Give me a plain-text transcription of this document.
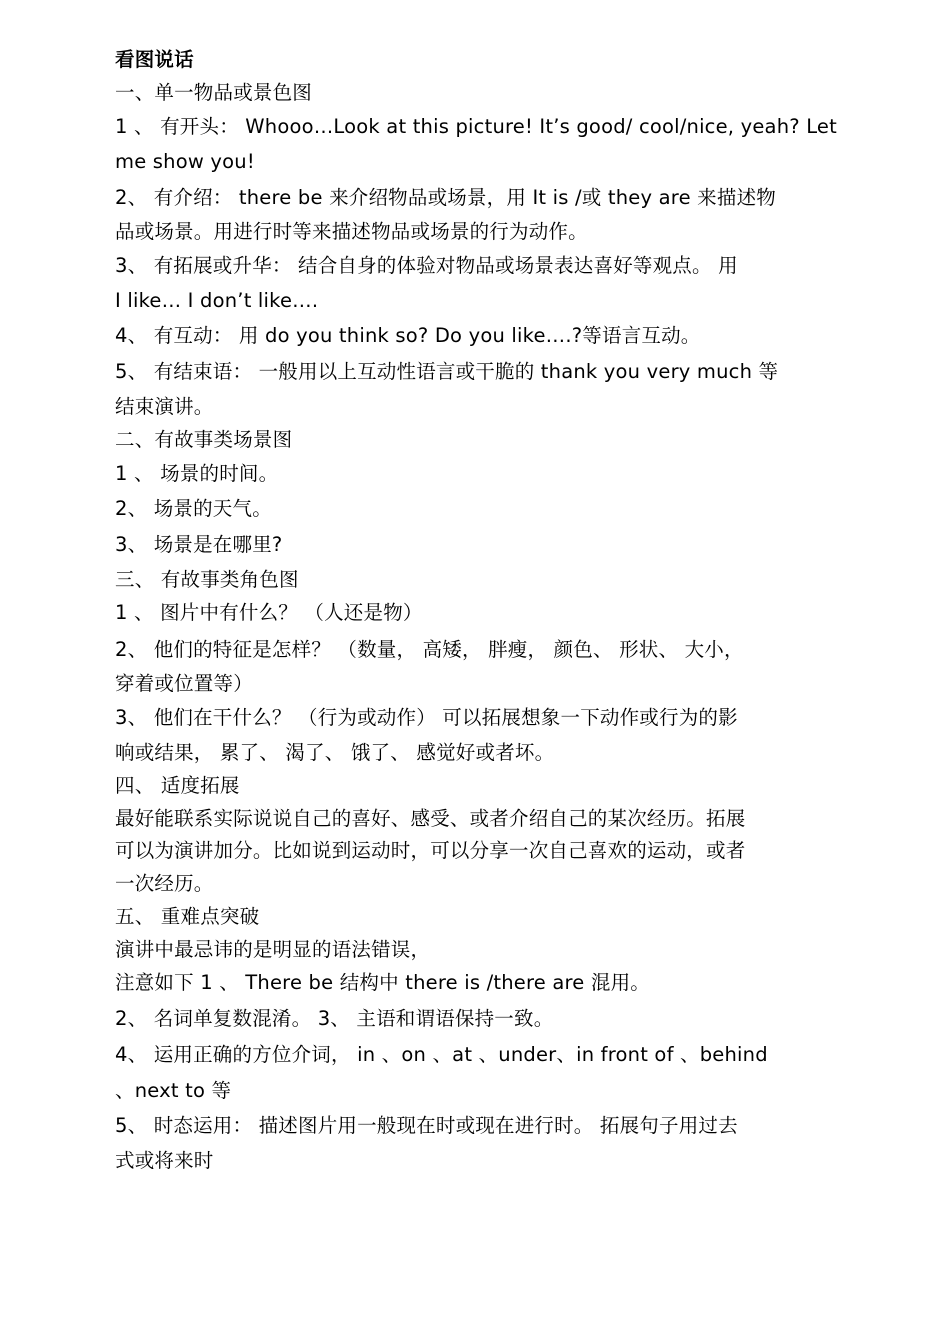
看图说话
一、单一物品或景色图
1 、 有开头： Whooo…Look at this picture! It’s good/ cool/nice, yeah? Let
me show you!
2、 有介绍： there be 来介绍物品或场景，用 It is /或 they are 来描述物
品或场景。用进行时等来描述物品或场景的行为动作。
3、 有拓展或升华： 结合自身的体验对物品或场景表达喜好等观点。 用
I like… I don’t like….
4、 有互动： 用 do you think so? Do you like….?等语言互动。
5、 有结束语： 一般用以上互动性语言或干脆的 thank you very much 等
结束演讲。
二、有故事类场景图
1 、 场景的时间。
2、 场景的天气。
3、 场景是在哪里?
三、 有故事类角色图
1 、 图片中有什么？ （人还是物）
2、 他们的特征是怎样？ （数量， 高矮， 胖瘦， 颜色、 形状、 大小，
穿着或位置等）
3、 他们在干什么？ （行为或动作） 可以拓展想象一下动作或行为的影
响或结果， 累了、 渴了、 饿了、 感觉好或者坏。
四、 适度拓展
最好能联系实际说说自己的喜好、感受、或者介绍自己的某次经历。拓展
可以为演讲加分。比如说到运动时，可以分享一次自己喜欢的运动，或者
一次经历。
五、 重难点突破
演讲中最忌讳的是明显的语法错误，
注意如下 1 、 There be 结构中 there is /there are 混用。
2、 名词单复数混淆。 3、 主语和谓语保持一致。
4、 运用正确的方位介词， in 、on 、at 、under、in front of 、behind
、next to 等
5、 时态运用： 描述图片用一般现在时或现在进行时。 拓展句子用过去
式或将来时
